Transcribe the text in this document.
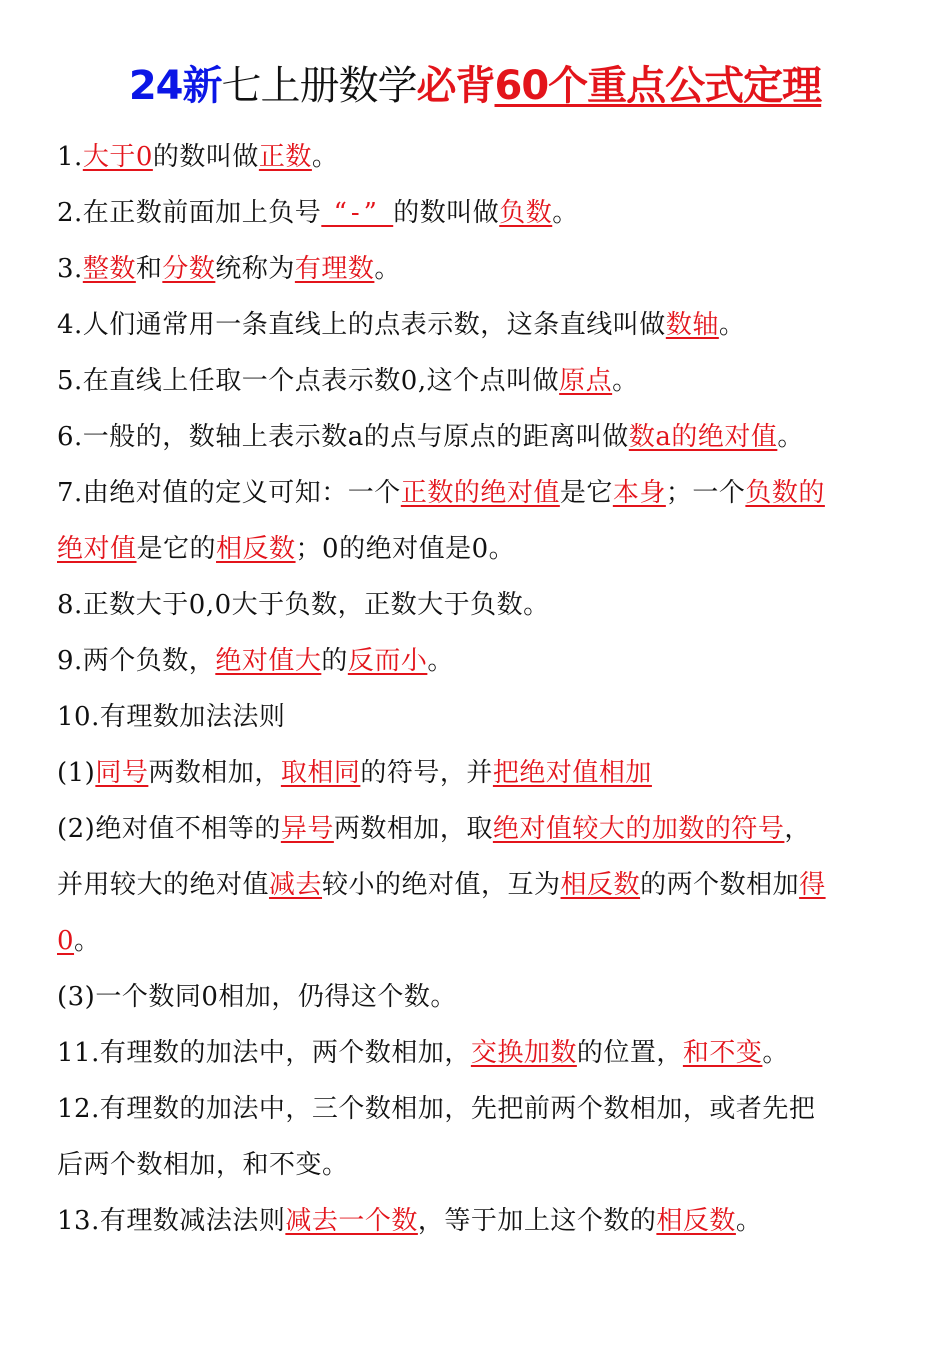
24新七上册数学必背60个重点公式定理
1.大于0的数叫做正数。
2.在正数前面加上负号 “-” 的数叫做负数。
3.整数和分数统称为有理数。
4.人们通常用一条直线上的点表示数，这条直线叫做数轴。
5.在直线上任取一个点表示数0,这个点叫做原点。
6.一般的，数轴上表示数a的点与原点的距离叫做数a的绝对值。
7.由绝对值的定义可知：一个正数的绝对值是它本身；一个负数的
绝对值是它的相反数；0的绝对值是0。
8.正数大于0,0大于负数，正数大于负数。
9.两个负数，绝对值大的反而小。
10.有理数加法法则
(1)同号两数相加，取相同的符号，并把绝对值相加
(2)绝对值不相等的异号两数相加，取绝对值较大的加数的符号，
并用较大的绝对值减去较小的绝对值，互为相反数的两个数相加得
0。
(3)一个数同0相加，仍得这个数。
11.有理数的加法中，两个数相加，交换加数的位置，和不变。
12.有理数的加法中，三个数相加，先把前两个数相加，或者先把
后两个数相加，和不变。
13.有理数减法法则减去一个数，等于加上这个数的相反数。
